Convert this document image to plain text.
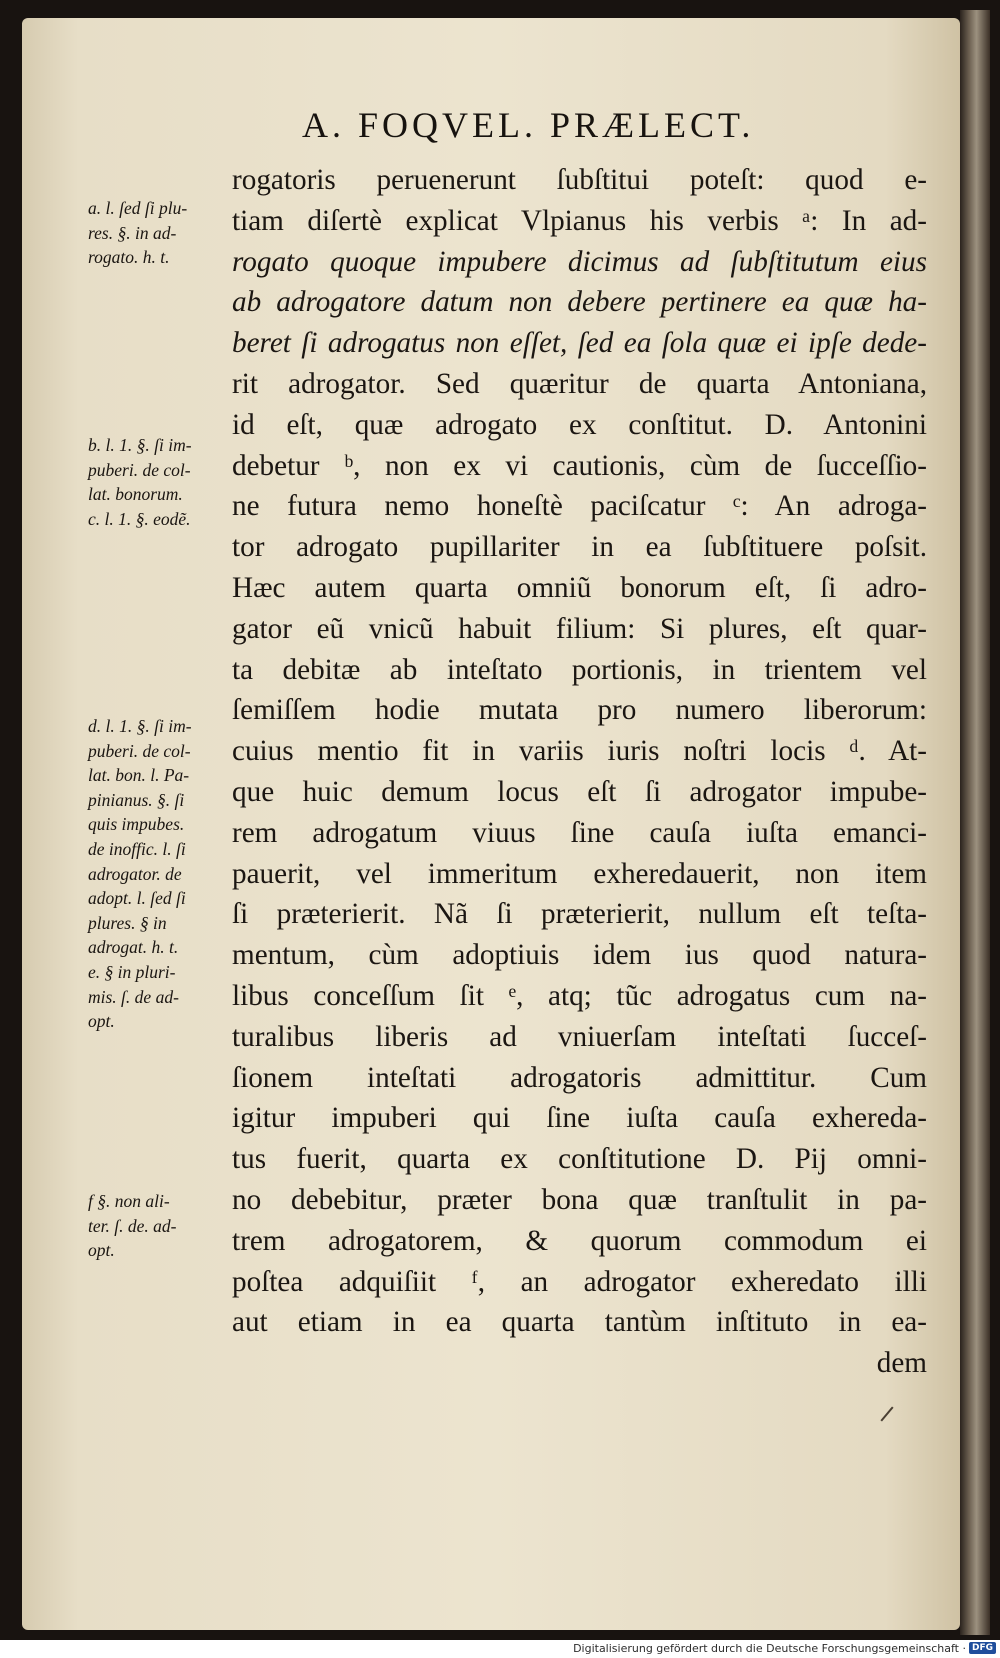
A. FOQVEL. PRÆLECT.
rogatoris peruenerunt ſubſtitui poteſt: quod e-
tiam diſertè explicat Vlpianus his verbis ᵃ: In ad-
rogato quoque impubere dicimus ad ſubſtitutum eius
ab adrogatore datum non debere pertinere ea quæ ha-
beret ſi adrogatus non eſſet, ſed ea ſola quæ ei ipſe dede-
rit adrogator. Sed quæritur de quarta Antoniana,
id eſt, quæ adrogato ex conſtitut. D. Antonini
debetur ᵇ, non ex vi cautionis, cùm de ſucceſſio-
ne futura nemo honeſtè paciſcatur ᶜ: An adroga-
tor adrogato pupillariter in ea ſubſtituere poſsit.
Hæc autem quarta omniũ bonorum eſt, ſi adro-
gator eũ vnicũ habuit filium: Si plures, eſt quar-
ta debitæ ab inteſtato portionis, in trientem vel
ſemiſſem hodie mutata pro numero liberorum:
cuius mentio fit in variis iuris noſtri locis ᵈ. At-
que huic demum locus eſt ſi adrogator impube-
rem adrogatum viuus ſine cauſa iuſta emanci-
pauerit, vel immeritum exheredauerit, non item
ſi præterierit. Nã ſi præterierit, nullum eſt teſta-
mentum, cùm adoptiuis idem ius quod natura-
libus conceſſum ſit ᵉ, atq; tũc adrogatus cum na-
turalibus liberis ad vniuerſam inteſtati ſucceſ-
ſionem inteſtati adrogatoris admittitur. Cum
igitur impuberi qui ſine iuſta cauſa exhereda-
tus fuerit, quarta ex conſtitutione D. Pij omni-
no debebitur, præter bona quæ tranſtulit in pa-
trem adrogatorem, & quorum commodum ei
poſtea adquiſiit ᶠ, an adrogator exheredato illi
aut etiam in ea quarta tantùm inſtituto in ea-
dem
a. l. ſed ſi plu-
res. §. in ad-
rogato. h. t.
b. l. 1. §. ſi im-
puberi. de col-
lat. bonorum.
c. l. 1. §. eodẽ.
d. l. 1. §. ſi im-
puberi. de col-
lat. bon. l. Pa-
pinianus. §. ſi
quis impubes.
de inoffic. l. ſi
adrogator. de
adopt. l. ſed ſi
plures. § in
adrogat. h. t.
e. § in pluri-
mis. ſ. de ad-
opt.
f §. non ali-
ter. ſ. de. ad-
opt.
Digitalisierung gefördert durch die Deutsche Forschungsgemeinschaft · DFG
